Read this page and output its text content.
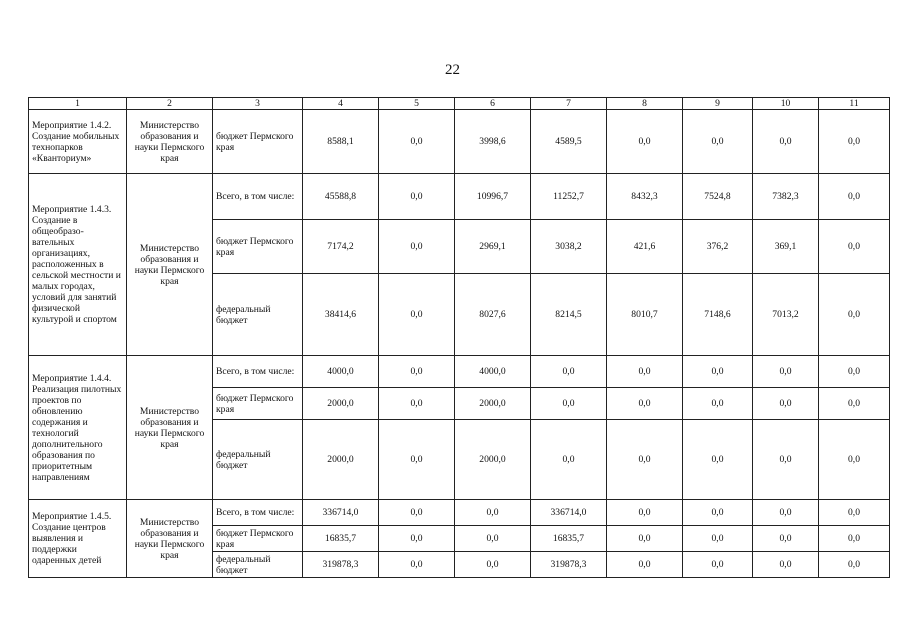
22
1	2	3	4	5	6	7	8	9	10	11
Мероприятие 1.4.2. Создание мобильных технопарков «Кванториум»	Министерство образования и науки Пермского края	бюджет Пермского края	8588,1	0,0	3998,6	4589,5	0,0	0,0	0,0	0,0
Мероприятие 1.4.3. Создание в общеобразо-вательных организациях, расположенных в сельской местности и малых городах, условий для занятий физической культурой и спортом	Министерство образования и науки Пермского края	Всего, в том числе:	45588,8	0,0	10996,7	11252,7	8432,3	7524,8	7382,3	0,0
		бюджет Пермского края	7174,2	0,0	2969,1	3038,2	421,6	376,2	369,1	0,0
		федеральный бюджет	38414,6	0,0	8027,6	8214,5	8010,7	7148,6	7013,2	0,0
Мероприятие 1.4.4. Реализация пилотных проектов по обновлению содержания и технологий дополнительного образования по приоритетным направлениям	Министерство образования и науки Пермского края	Всего, в том числе:	4000,0	0,0	4000,0	0,0	0,0	0,0	0,0	0,0
		бюджет Пермского края	2000,0	0,0	2000,0	0,0	0,0	0,0	0,0	0,0
		федеральный бюджет	2000,0	0,0	2000,0	0,0	0,0	0,0	0,0	0,0
Мероприятие 1.4.5. Создание центров выявления и поддержки одаренных детей	Министерство образования и науки Пермского края	Всего, в том числе:	336714,0	0,0	0,0	336714,0	0,0	0,0	0,0	0,0
		бюджет Пермского края	16835,7	0,0	0,0	16835,7	0,0	0,0	0,0	0,0
		федеральный бюджет	319878,3	0,0	0,0	319878,3	0,0	0,0	0,0	0,0
